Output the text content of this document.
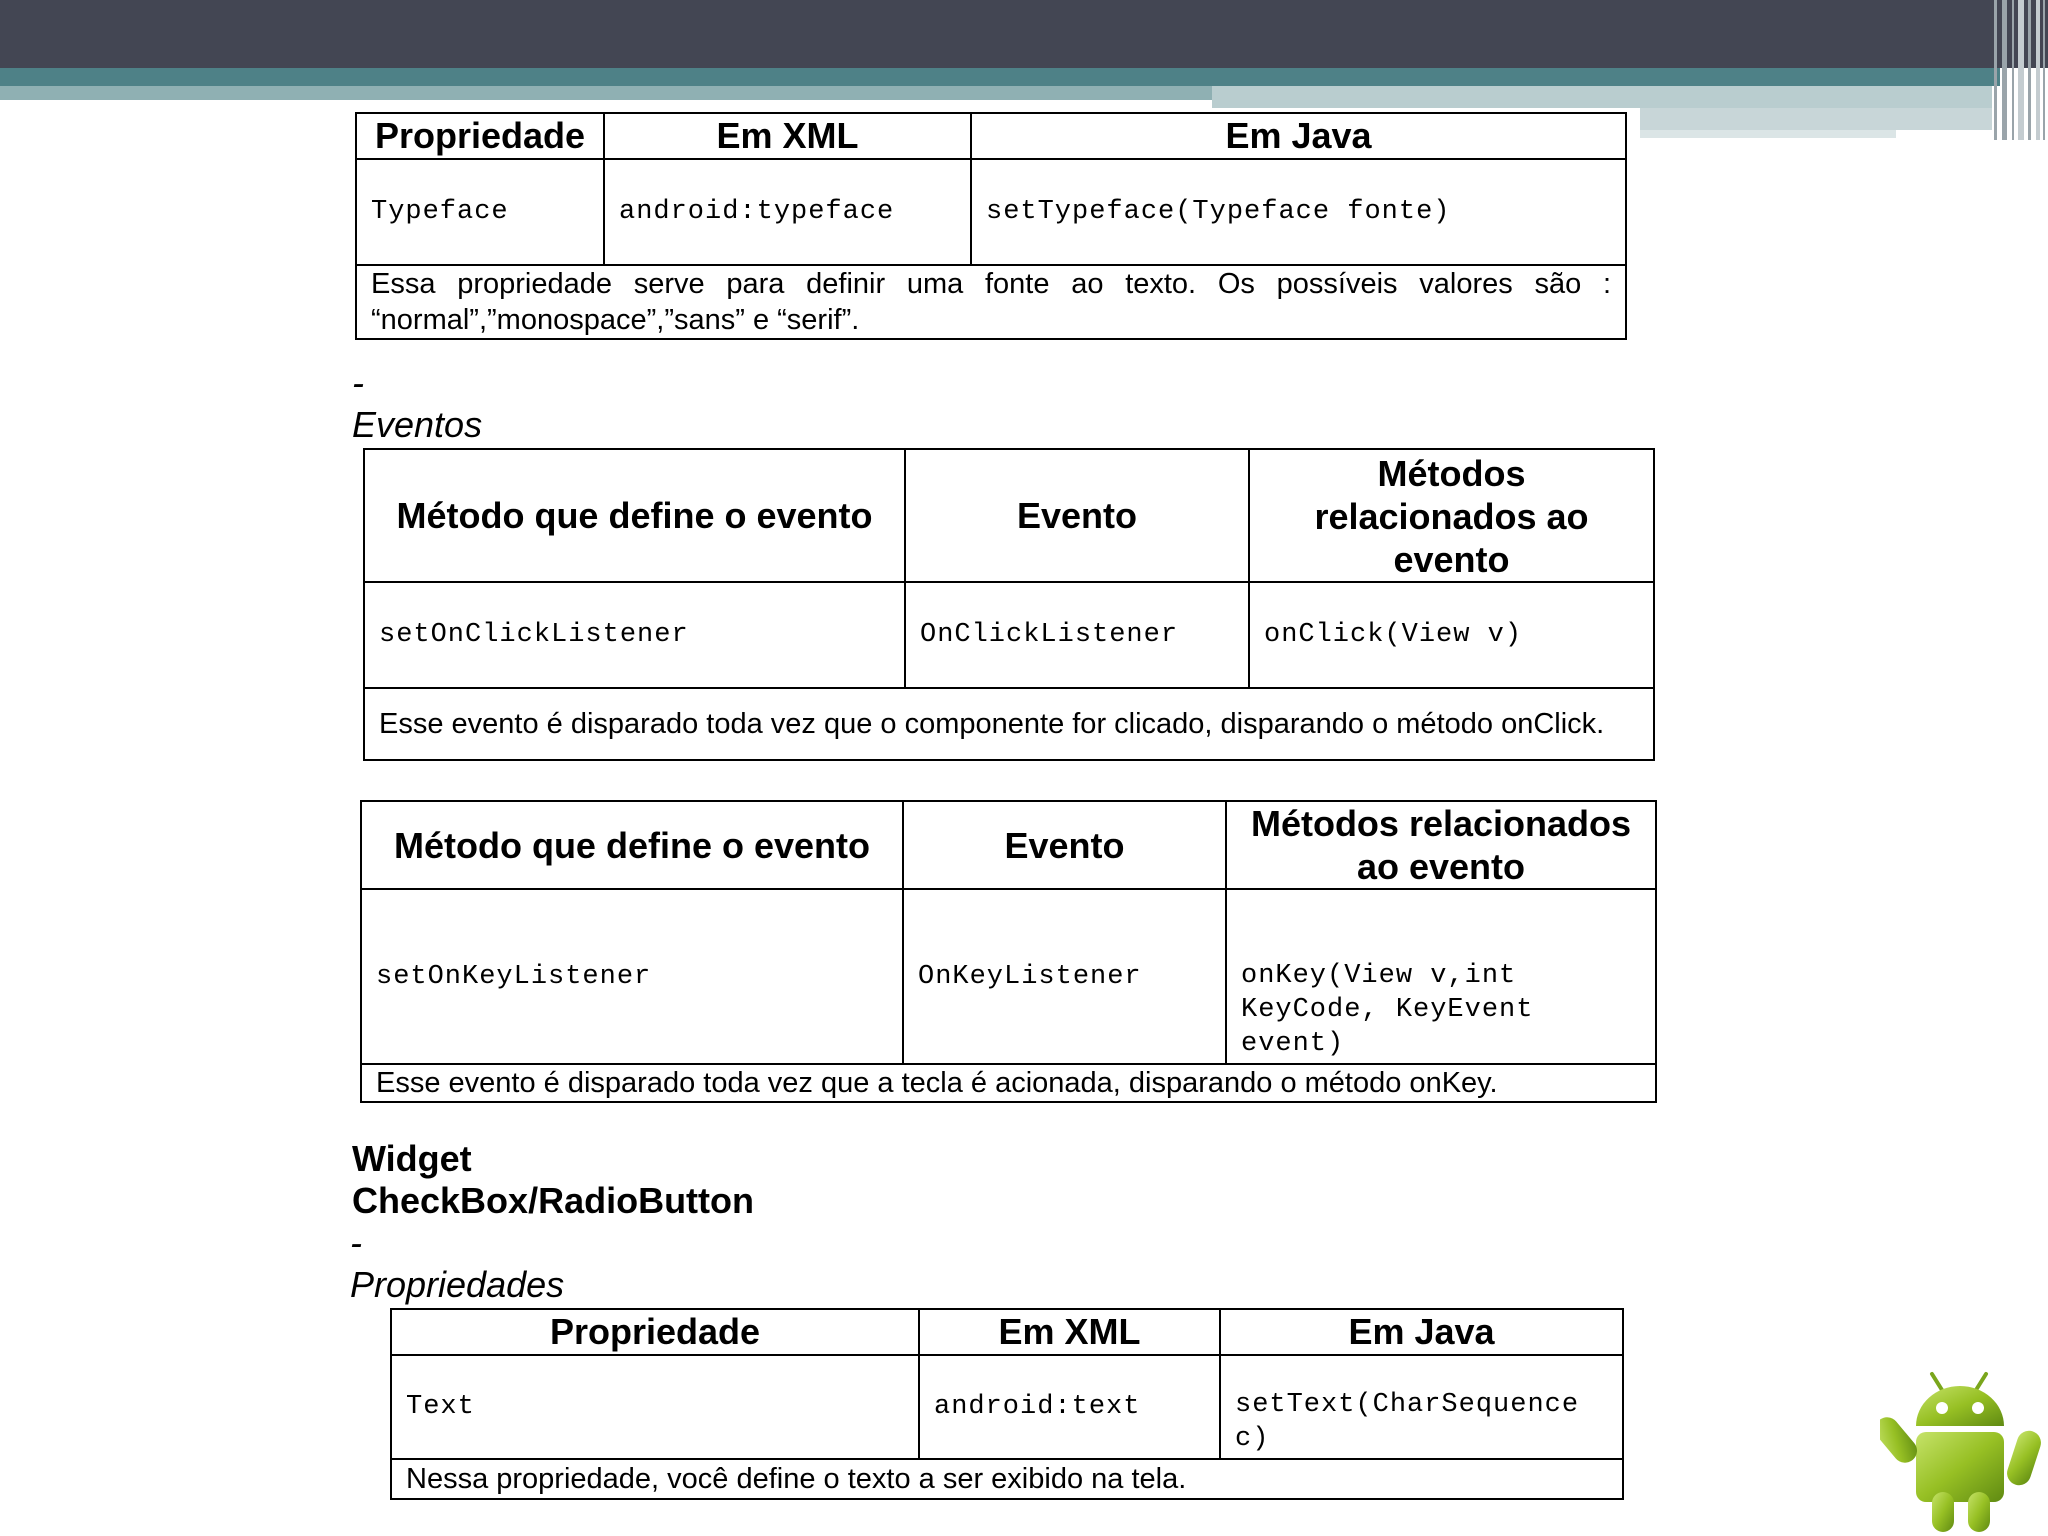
Propriedade	Em XML	Em Java
Typeface	android:typeface	setTypeface(Typeface fonte)
Essa propriedade serve para definir uma fonte ao texto. Os possíveis valores são : “normal”,”monospace”,”sans” e “serif”.		
- Eventos
Método que define o evento	Evento	Métodos relacionados ao evento
setOnClickListener	OnClickListener	onClick(View v)
Esse evento é disparado toda vez que o componente for clicado, disparando o método onClick.		
Método que define o evento	Evento	Métodos relacionados ao evento
setOnKeyListener	OnKeyListener	onKey(View v,int KeyCode, KeyEvent event)
Esse evento é disparado toda vez que a tecla é acionada, disparando o método onKey.		
Widget CheckBox/RadioButton
- Propriedades
Propriedade	Em XML	Em Java
Text	android:text	setText(CharSequence c)
Nessa propriedade, você define o texto a ser exibido na tela.		
